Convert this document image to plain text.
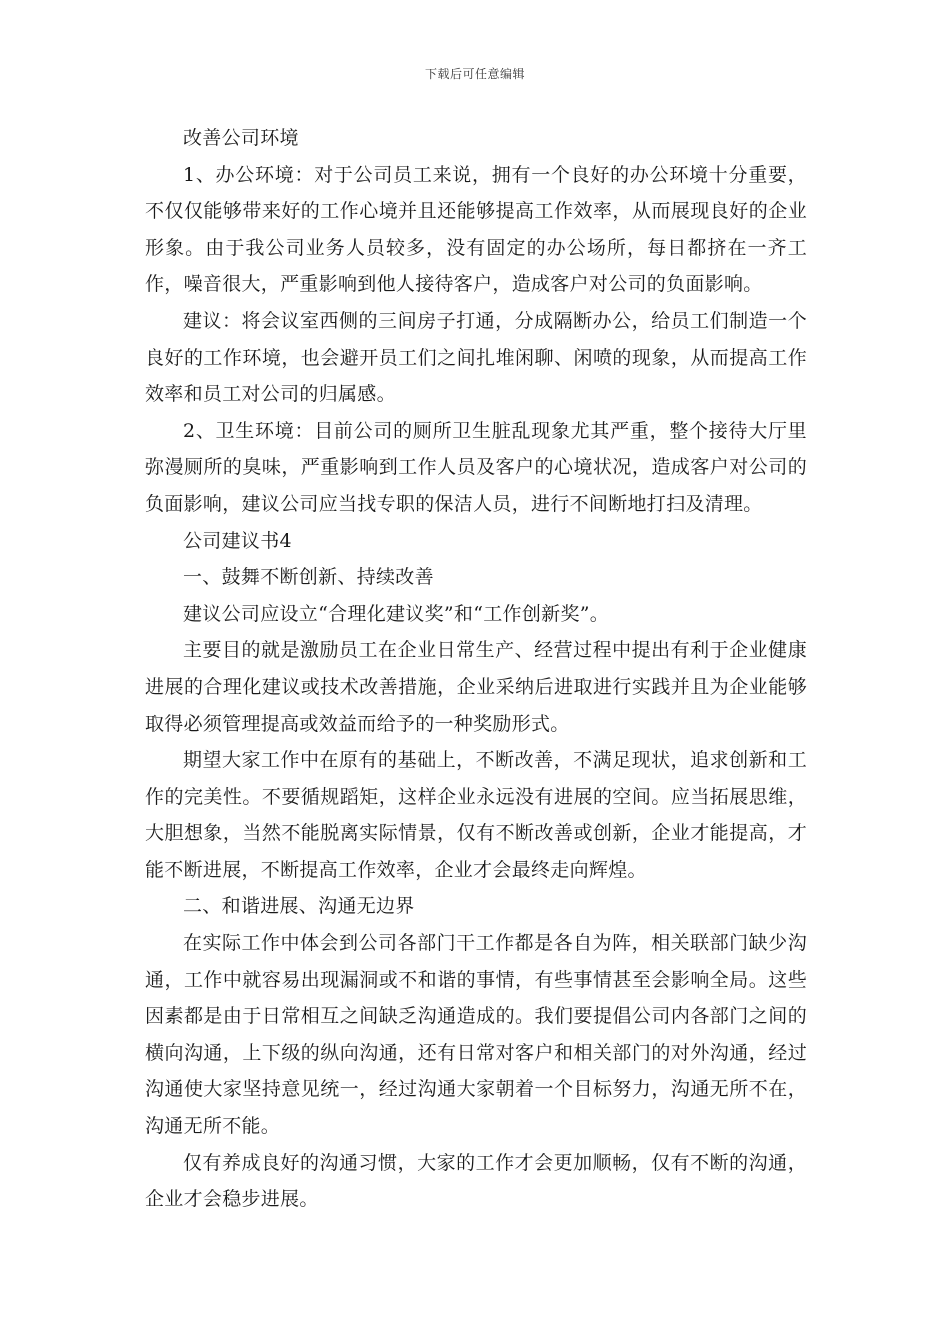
下载后可任意编辑

改善公司环境

1、办公环境：对于公司员工来说，拥有一个良好的办公环境十分重要，不仅仅能够带来好的工作心境并且还能够提高工作效率，从而展现良好的企业形象。由于我公司业务人员较多，没有固定的办公场所，每日都挤在一齐工作，噪音很大，严重影响到他人接待客户，造成客户对公司的负面影响。

建议：将会议室西侧的三间房子打通，分成隔断办公，给员工们制造一个良好的工作环境，也会避开员工们之间扎堆闲聊、闲喷的现象，从而提高工作效率和员工对公司的归属感。

2、卫生环境：目前公司的厕所卫生脏乱现象尤其严重，整个接待大厅里弥漫厕所的臭味，严重影响到工作人员及客户的心境状况，造成客户对公司的负面影响，建议公司应当找专职的保洁人员，进行不间断地打扫及清理。

公司建议书4

一、鼓舞不断创新、持续改善

建议公司应设立“合理化建议奖”和“工作创新奖”。

主要目的就是激励员工在企业日常生产、经营过程中提出有利于企业健康进展的合理化建议或技术改善措施，企业采纳后进取进行实践并且为企业能够取得必须管理提高或效益而给予的一种奖励形式。

期望大家工作中在原有的基础上，不断改善，不满足现状，追求创新和工作的完美性。不要循规蹈矩，这样企业永远没有进展的空间。应当拓展思维，大胆想象，当然不能脱离实际情景，仅有不断改善或创新，企业才能提高，才能不断进展，不断提高工作效率，企业才会最终走向辉煌。

二、和谐进展、沟通无边界

在实际工作中体会到公司各部门干工作都是各自为阵，相关联部门缺少沟通，工作中就容易出现漏洞或不和谐的事情，有些事情甚至会影响全局。这些因素都是由于日常相互之间缺乏沟通造成的。我们要提倡公司内各部门之间的横向沟通，上下级的纵向沟通，还有日常对客户和相关部门的对外沟通，经过沟通使大家坚持意见统一，经过沟通大家朝着一个目标努力，沟通无所不在，沟通无所不能。

仅有养成良好的沟通习惯，大家的工作才会更加顺畅，仅有不断的沟通，企业才会稳步进展。
